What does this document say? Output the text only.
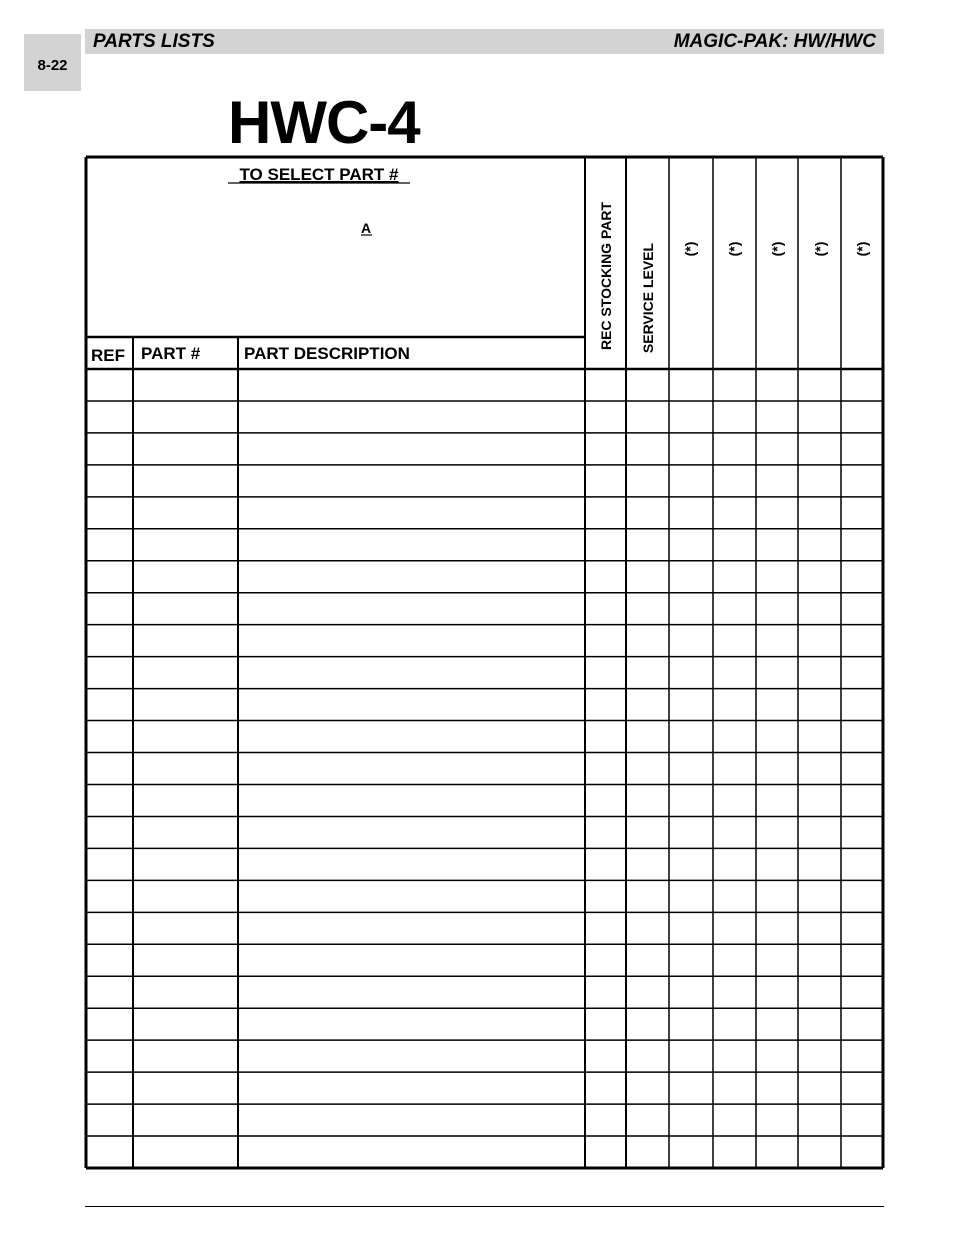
8-22
PARTS LISTS	MAGIC-PAK: HW/HWC
HWC-4
TO SELECT PART #
A
REF PART #	PART DESCRIPTION
REC STOCKING PART SERVICE LEVEL (*) (*) (*) (*) (*)
